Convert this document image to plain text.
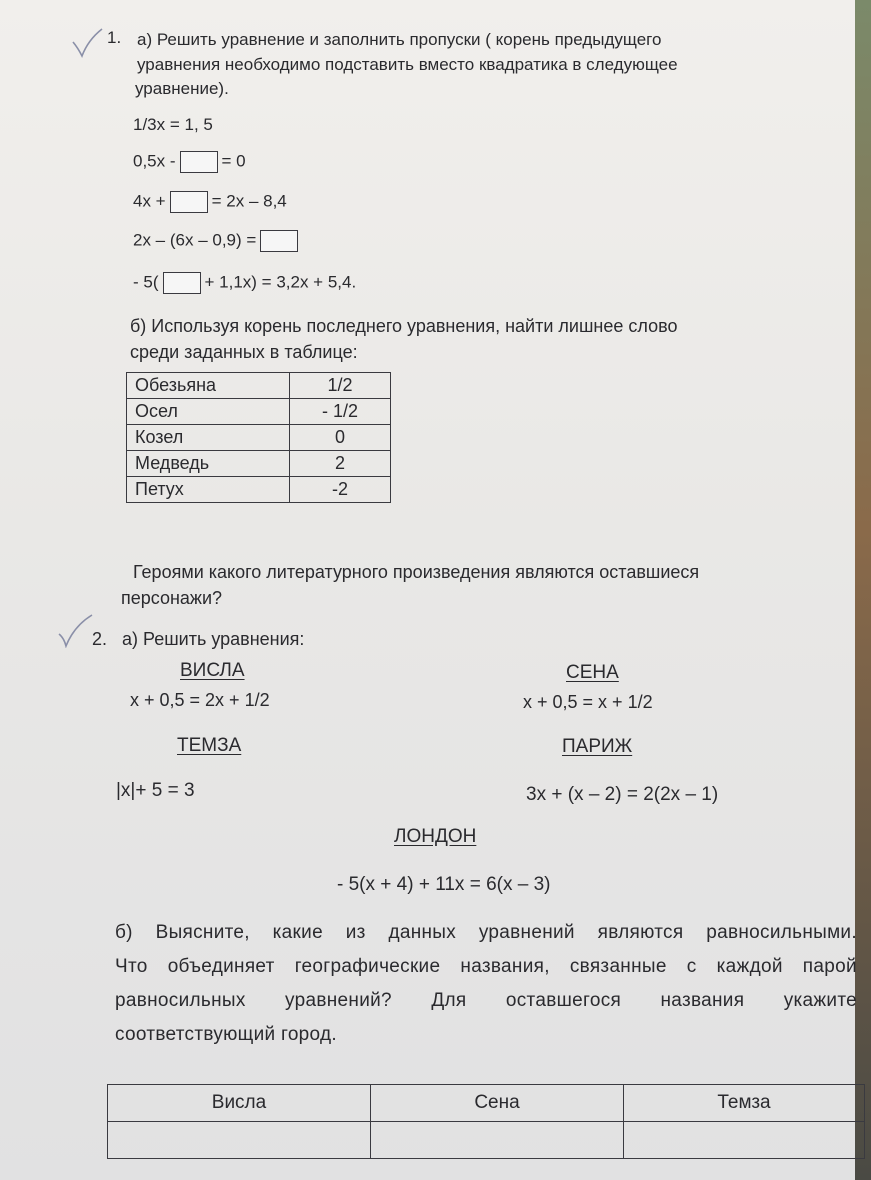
1. а) Решить уравнение и заполнить пропуски ( корень предыдущего
уравнения необходимо подставить вместо квадратика в следующее
уравнение).
1/3х = 1, 5
0,5х -	= 0
4х +	= 2х – 8,4
2х – (6х – 0,9) =
- 5(	+ 1,1х) = 3,2х + 5,4.
б) Используя корень последнего уравнения, найти лишнее слово
среди заданных в таблице:
Обезьяна	1/2
Осел	- 1/2
Козел	0
Медведь	2
Петух	-2
Героями какого литературного произведения являются оставшиеся
персонажи?
2. а) Решить уравнения:
ВИСЛА
х + 0,5 = 2х + 1/2
СЕНА
х + 0,5 = х + 1/2
ТЕМЗА
|х|+ 5 = 3
ПАРИЖ
3х + (х – 2) = 2(2х – 1)
ЛОНДОН
- 5(х + 4) + 11х = 6(х – 3)
б) Выясните, какие из данных уравнений являются равносильными.
Что объединяет географические названия, связанные с каждой парой
равносильных уравнений? Для оставшегося названия укажите
соответствующий город.
Висла	Сена	Темза
